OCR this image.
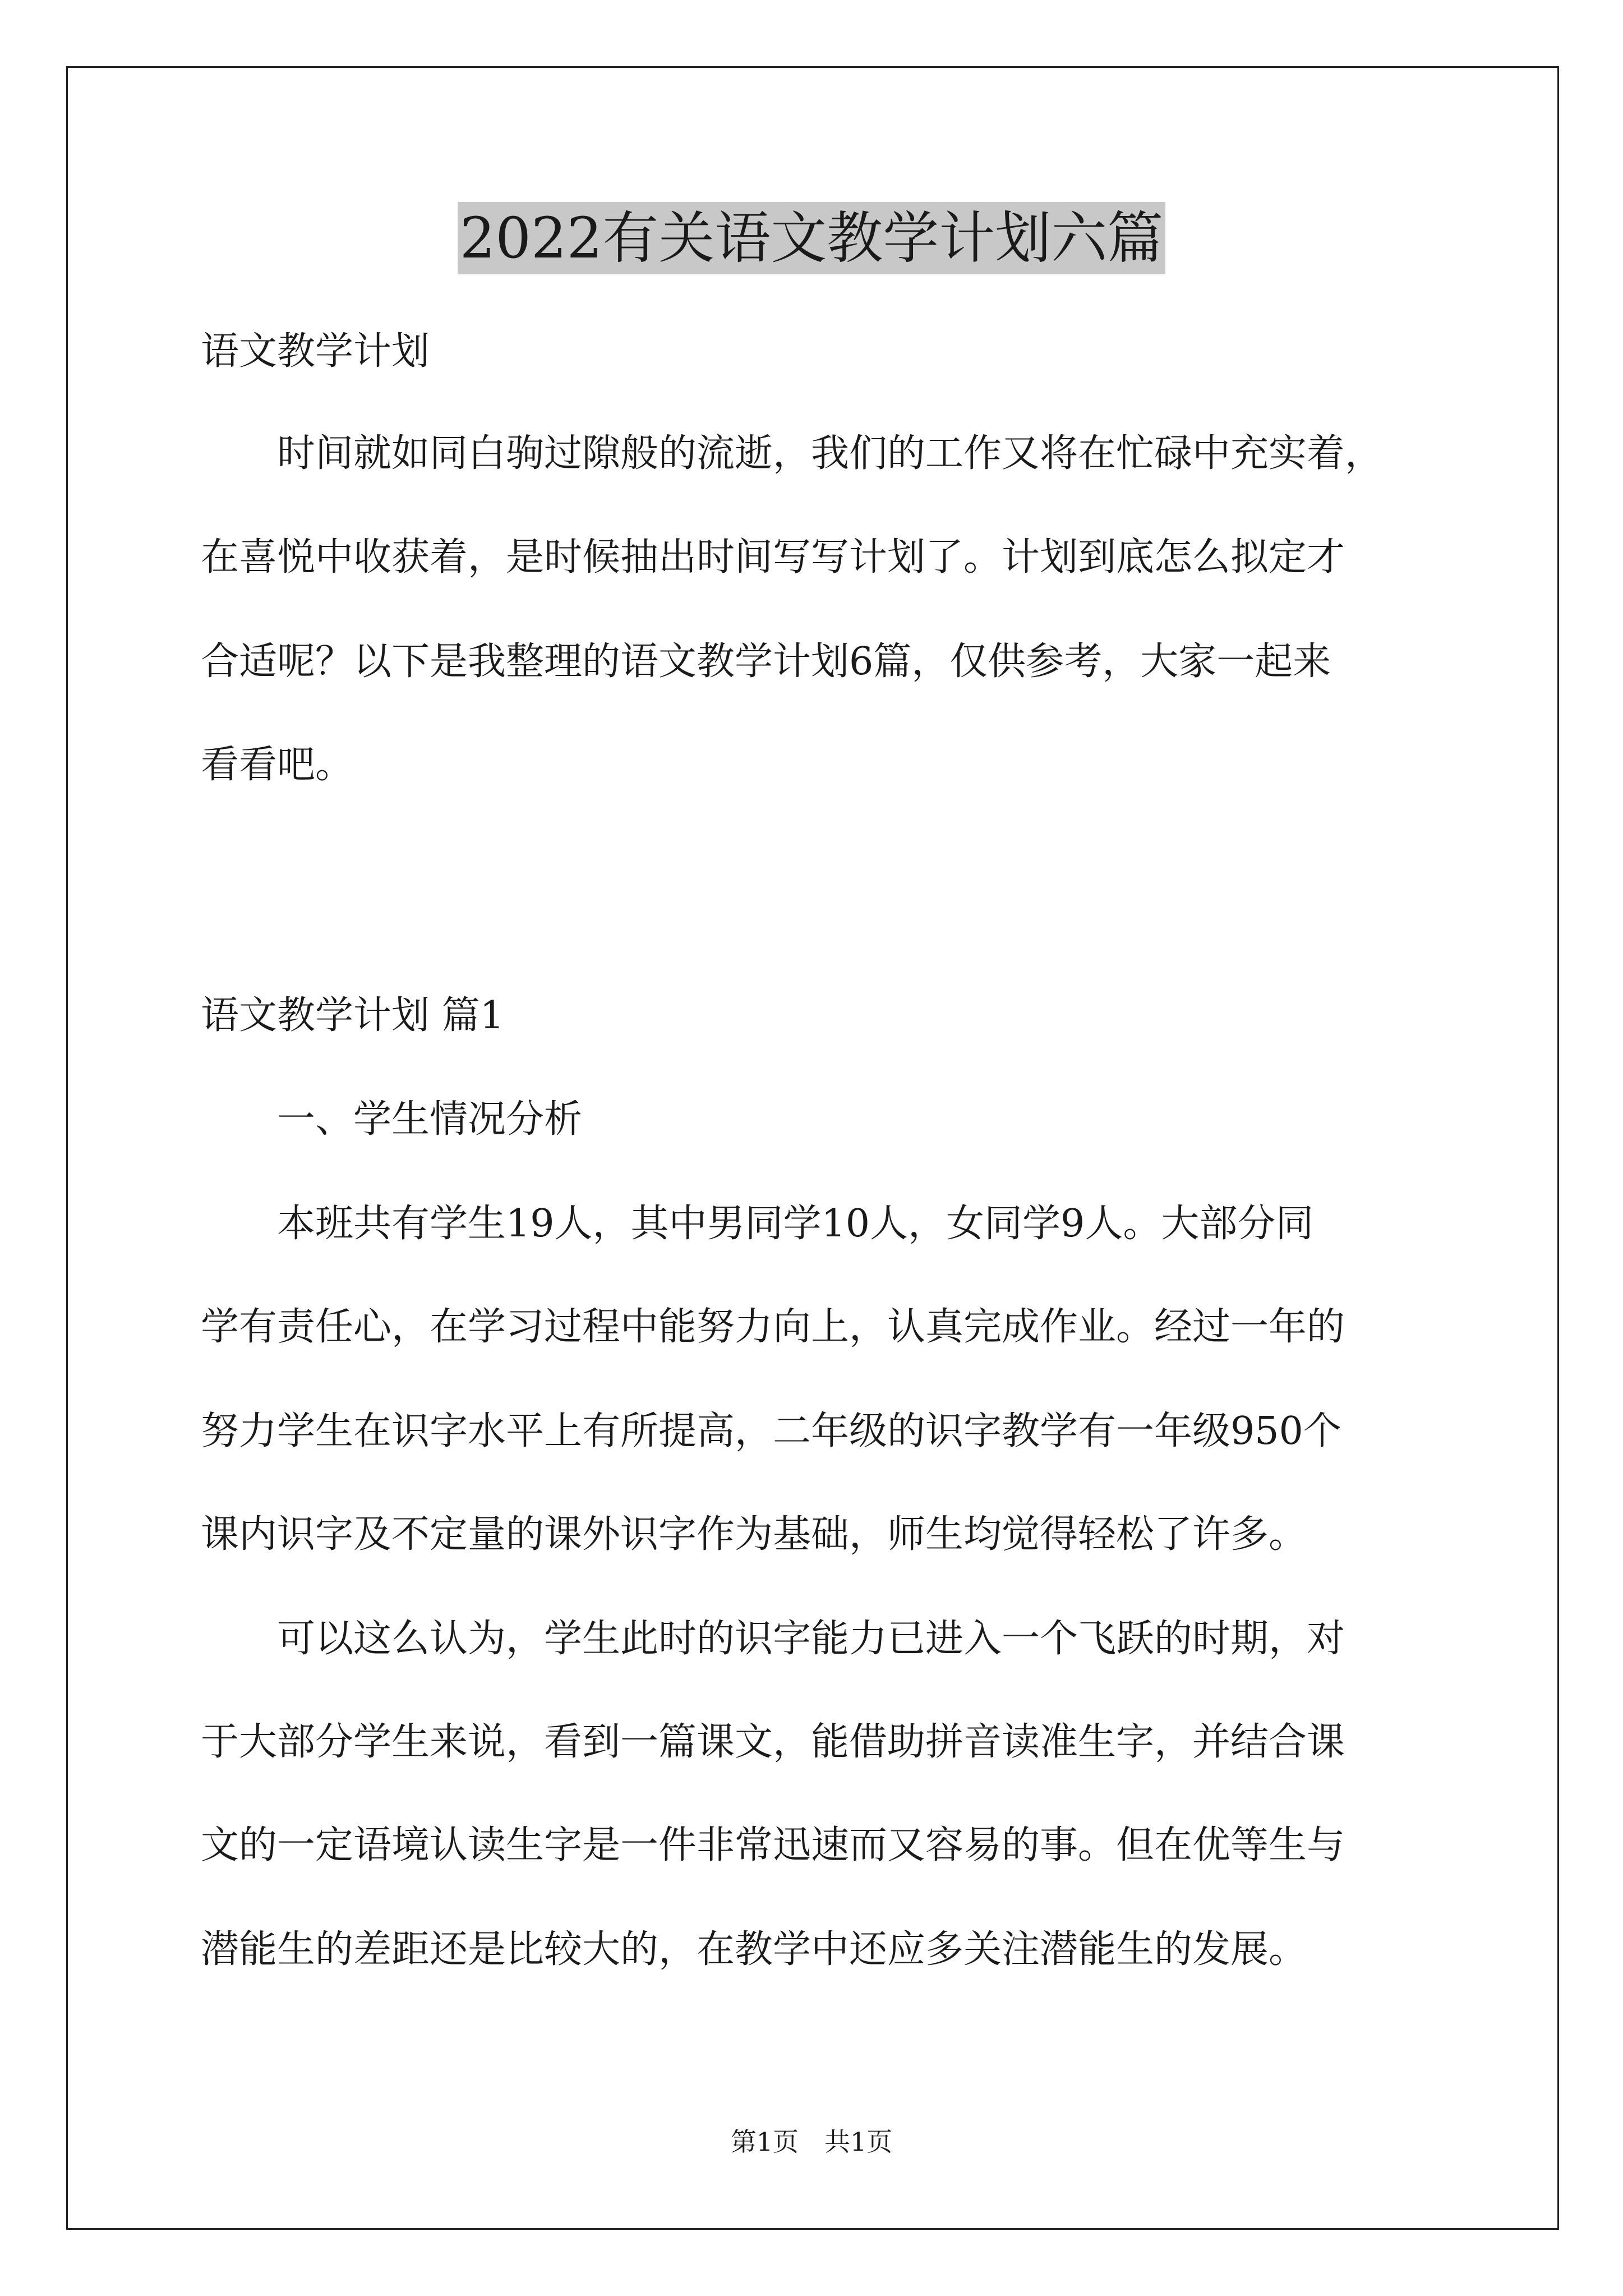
2022有关语文教学计划六篇

语文教学计划

　　时间就如同白驹过隙般的流逝，我们的工作又将在忙碌中充实着，

在喜悦中收获着，是时候抽出时间写写计划了。计划到底怎么拟定才

合适呢？以下是我整理的语文教学计划6篇，仅供参考，大家一起来

看看吧。

语文教学计划 篇1

　　一、学生情况分析

　　本班共有学生19人，其中男同学10人，女同学9人。大部分同

学有责任心，在学习过程中能努力向上，认真完成作业。经过一年的

努力学生在识字水平上有所提高，二年级的识字教学有一年级950个

课内识字及不定量的课外识字作为基础，师生均觉得轻松了许多。

　　可以这么认为，学生此时的识字能力已进入一个飞跃的时期，对

于大部分学生来说，看到一篇课文，能借助拼音读准生字，并结合课

文的一定语境认读生字是一件非常迅速而又容易的事。但在优等生与

潜能生的差距还是比较大的，在教学中还应多关注潜能生的发展。

第1页　共1页
